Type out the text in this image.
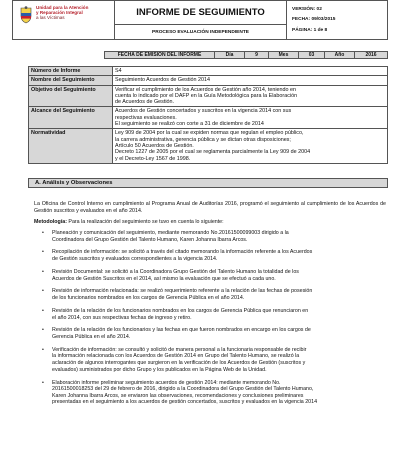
Unidad para la Atención
y Reparación Integral
a las Víctimas	INFORME DE SEGUIMIENTO
PROCESO EVALUACIÓN INDEPENDIENTE
VERSIÓN: 02
FECHA: 09/03/2015
PÁGINA: 1 de 8
FECHA DE EMISION DEL INFORME	Día	9	Mes	03	Año	2016
Número de Informe	S4
Nombre del Seguimiento	Seguimiento Acuerdos de Gestión 2014
Objetivo del Seguimiento	Verificar el cumplimiento de los Acuerdos de Gestión año 2014, teniendo en
cuenta lo indicado por el DAFP en la Guía Metodológica para la Elaboración
de Acuerdos de Gestión.
Alcance del Seguimiento	Acuerdos de Gestión concertados y suscritos en la vigencia 2014 con sus
respectivas evaluaciones.
El seguimiento se realizó con corte a 31 de diciembre de 2014
Normatividad	Ley 909 de 2004 por la cual se expiden normas que regulan el empleo público,
la carrera administrativa, gerencia pública y se dictan otras disposiciones;
Artículo 50 Acuerdos de Gestión.
Decreto 1227 de 2005 por el cual se reglamenta parcialmente la Ley 909 de 2004
y el Decreto-Ley 1567 de 1998.
A. Análisis y Observaciones
La Oficina de Control Interno en cumplimiento al Programa Anual de Auditorías 2016, programó el seguimiento al cumplimiento de los Acuerdos de Gestión suscritos y evaluados en el año 2014.
Metodología: Para la realización del seguimiento se tuvo en cuenta lo siguiente:
•	Planeación y comunicación del seguimiento, mediante memorando No.20161500099003 dirigido a la
Coordinadora del Grupo Gestión del Talento Humano, Karen Johanna Ibarra Arcos.
•	Recopilación de información: se solicitó a través del citado memorando la información referente a los Acuerdos
de Gestión suscritos y evaluados correspondientes a la vigencia 2014.
•	Revisión Documental: se solicitó a la Coordinadora Grupo Gestión del Talento Humano la totalidad de los
Acuerdos de Gestión Suscritos en el 2014, así mismo la evaluación que se efectuó a cada uno.
•	Revisión de información relacionada: se realizó requerimiento referente a la relación de las fechas de posesión
de los funcionarios nombrados en los cargos de Gerencia Pública en el año 2014.
•	Revisión de la relación de los funcionarios nombrados en los cargos de Gerencia Pública que renunciaron en
el año 2014, con sus respectivas fechas de ingreso y retiro.
•	Revisión de la relación de los funcionarios y las fechas en que fueron nombrados en encargo en los cargos de
Gerencia Pública en el año 2014.
•	Verificación de información: se consultó y solicitó de manera personal a la funcionaria responsable de recibir
la información relacionada con los Acuerdos de Gestión 2014 en Grupo del Talento Humano, se realizó la
aclaración de algunos interrogantes que surgieron en la verificación de los Acuerdos de Gestión (suscritos y
evaluados) suministrados por dicho Grupo y los publicados en la Página Web de la Unidad.
•	Elaboración informe preliminar seguimiento acuerdos de gestión 2014: mediante memorando No.
20161500018253 del 29 de febrero de 2016, dirigido a la Coordinadora del Grupo Gestión del Talento Humano,
Karen Johanna Ibarra Arcos, se enviaron las observaciones, recomendaciones y conclusiones preliminares
presentadas en el seguimiento a los acuerdos de gestión concertados, suscritos y evaluados en la vigencia 2014
